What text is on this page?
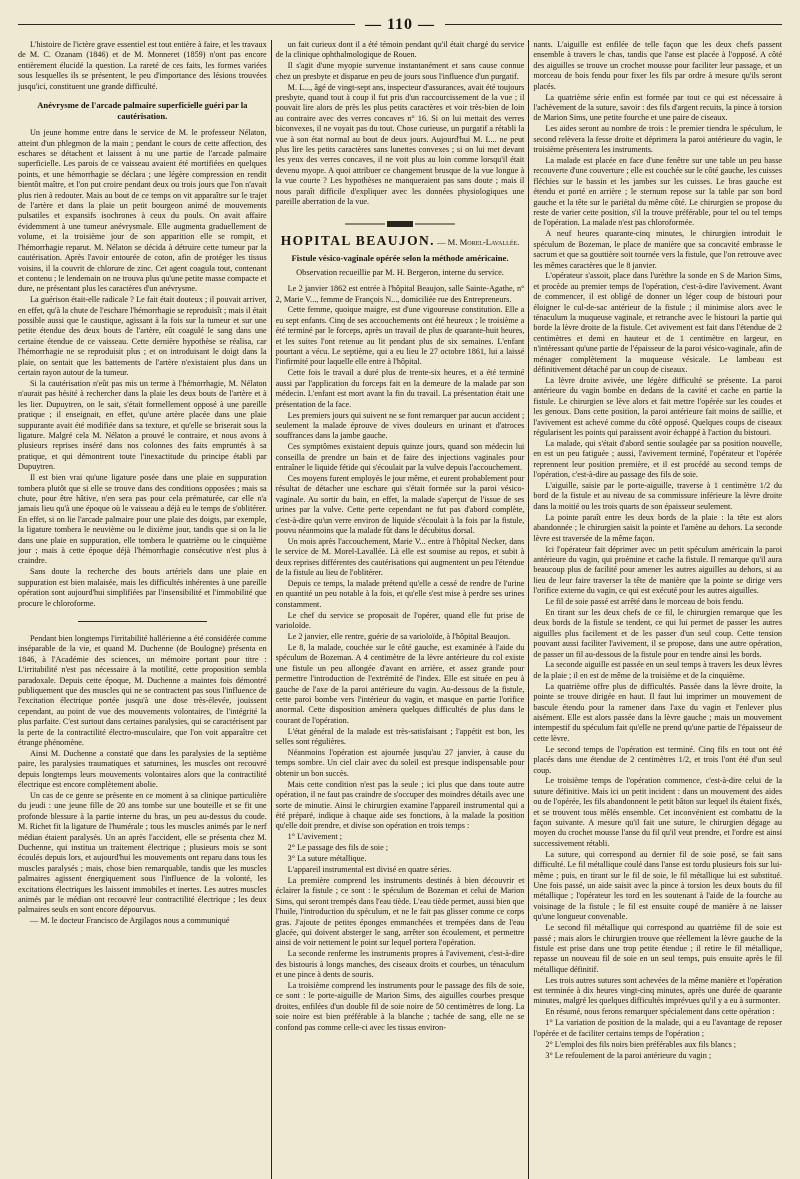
— 110 —

L'histoire de l'ictère grave essentiel est tout entière à faire, et les travaux de M. C. Ozanam (1846) et de M. Monneret (1859) n'ont pas encore entièrement élucidé la question. La rareté de ces faits, les formes variées sous lesquelles ils se présentent, le peu d'importance des lésions trouvées jusqu'ici, constituent une grande difficulté.

Anévrysme de l'arcade palmaire superficielle guéri par la cautérisation.

Un jeune homme entre dans le service de M. le professeur Nélaton, atteint d'un phlegmon de la main ; pendant le cours de cette affection, des eschares se détachent et laissent à nu une partie de l'arcade palmaire superficielle. Les parois de ce vaisseau avaient été mortifiées en quelques points, et une hémorrhagie se déclara ; une légère compression en rendit bientôt maître, et l'on put croire pendant deux ou trois jours que l'on n'avait plus rien à redouter. Mais au bout de ce temps on vit apparaître sur le trajet de l'artère et dans la plaie un petit bourgeon animé de mouvements pulsatiles et expansifs isochrones à ceux du pouls. On avait affaire évidemment à une tumeur anévrysmale. Elle augmenta graduellement de volume, et la troisième jour de son apparition elle se rompit, et l'hémorrhagie reparut. M. Nélaton se décida à détruire cette tumeur par la cautérisation. Après l'avoir entourée de coton, afin de protéger les tissus voisins, il la couvrit de chlorure de zinc. Cet agent coagula tout, contenant et contenu ; le lendemain on ne trouva plus qu'une petite masse compacte et dure, ne présentant plus les caractères d'un anévrysme.

La guérison était-elle radicale ? Le fait était douteux ; il pouvait arriver, en effet, qu'à la chute de l'eschare l'hémorrhagie se reproduisît ; mais il était possible aussi que le caustique, agissant à la fois sur la tumeur et sur une petite étendue des deux bouts de l'artère, eût coagulé le sang dans une certaine étendue de ce vaisseau. Cette dernière hypothèse se réalisa, car l'hémorrhagie ne se reproduisit plus ; et on introduisant le doigt dans la plaie, on sentait que les battements de l'artère n'existaient plus dans un certain rayon autour de la tumeur.

Si la cautérisation n'eût pas mis un terme à l'hémorrhagie, M. Nélaton n'aurait pas hésité à rechercher dans la plaie les deux bouts de l'artère et à les lier. Dupuytren, on le sait, s'était formellement opposé à une pareille pratique ; il enseignait, en effet, qu'une artère placée dans une plaie suppurante avait été modifiée dans sa texture, et qu'elle se briserait sous la ligature. Malgré cela M. Nélaton a prouvé le contraire, et nous avons à plusieurs reprises inséré dans nos colonnes des faits empruntés à sa pratique, et qui démontrent toute l'inexactitude du principe établi par Dupuytren.

Il est bien vrai qu'une ligature posée dans une plaie en suppuration tombera plutôt que si elle se trouve dans des conditions opposées ; mais sa chute, pour être hâtive, n'en sera pas pour cela prématurée, car elle n'a jamais lieu qu'à une époque où le vaisseau a déjà eu le temps de s'oblitérer. En effet, si on lie l'arcade palmaire pour une plaie des doigts, par exemple, la ligature tombera le neuvième ou le dixième jour, tandis que si on la lie dans une plaie en suppuration, elle tombera le quatrième ou le cinquième jour ; mais à cette époque déjà l'hémorrhagie consécutive n'est plus à craindre.

Sans doute la recherche des bouts artériels dans une plaie en suppuration est bien malaisée, mais les difficultés inhérentes à une pareille opération sont aujourd'hui simplifiées par l'insensibilité et l'immobilité que procure le chloroforme.

Pendant bien longtemps l'irritabilité hallérienne a été considérée comme inséparable de la vie, et quand M. Duchenne (de Boulogne) présenta en 1846, à l'Académie des sciences, un mémoire portant pour titre : L'irritabilité n'est pas nécessaire à la motilité, cette proposition sembla paradoxale. Depuis cette époque, M. Duchenne a maintes fois démontré publiquement que des muscles qui ne se contractent pas sous l'influence de l'excitation électrique portée jusqu'à une dose très-élevée, jouissent cependant, au point de vue des mouvements volontaires, de l'intégrité la plus parfaite. C'est surtout dans certaines paralysies, qui se caractérisent par la perte de la contractilité électro-musculaire, que l'on voit apparaître cet étrange phénomène.

Ainsi M. Duchenne a constaté que dans les paralysies de la septième paire, les paralysies traumatiques et saturnines, les muscles ont recouvré depuis longtemps leurs mouvements volontaires alors que la contractilité électrique est encore complètement abolie.

Un cas de ce genre se présente en ce moment à sa clinique particulière du jeudi : une jeune fille de 20 ans tombe sur une bouteille et se fit une profonde blessure à la partie interne du bras, un peu au-dessus du coude. M. Richet fit la ligature de l'humérale ; tous les muscles animés par le nerf médian étaient paralysés. Un an après l'accident, elle se présenta chez M. Duchenne, qui institua un traitement électrique ; plusieurs mois se sont écoulés depuis lors, et aujourd'hui les mouvements ont reparu dans tous les muscles paralysés ; mais, chose bien remarquable, tandis que les muscles palmaires agissent énergiquement sous l'influence de la volonté, les excitations électriques les laissent immobiles et inertes. Les autres muscles animés par le médian ont recouvré leur contractilité électrique ; les deux palmaires seuls en sont encore dépourvus.

— M. le docteur Francisco de Argilagos nous a communiqué

un fait curieux dont il a été témoin pendant qu'il était chargé du service de la clinique ophthalmologique de Rouen.

Il s'agit d'une myopie survenue instantanément et sans cause connue chez un presbyte et disparue en peu de jours sous l'influence d'un purgatif.

M. L..., âgé de vingt-sept ans, inspecteur d'assurances, avait été toujours presbyte, quand tout à coup il fut pris d'un raccourcissement de la vue ; il pouvait lire alors de près les plus petits caractères et voir très-bien de loin au contraire avec des verres concaves n° 16. Si on lui mettait des verres biconvexes, il ne voyait pas du tout. Chose curieuse, un purgatif a rétabli la vue à son état normal au bout de deux jours. Aujourd'hui M. L... ne peut plus lire les petits caractères sans lunettes convexes ; si on lui met devant les yeux des verres concaves, il ne voit plus au loin comme lorsqu'il était devenu myope. A quoi attribuer ce changement brusque de la vue longue à la vue courte ? Les hypothèses ne manqueraient pas sans doute ; mais il nous paraît difficile d'expliquer avec les données physiologiques une pareille aberration de la vue.

HOPITAL BEAUJON. — M. Morel-Lavallée.
Fistule vésico-vaginale opérée selon la méthode américaine.
Observation recueillie par M. H. Bergeron, interne du service.

Le 2 janvier 1862 est entrée à l'hôpital Beaujon, salle Sainte-Agathe, n° 2, Marie V..., femme de François N..., domiciliée rue des Entrepreneurs.

Cette femme, quoique maigre, est d'une vigoureuse constitution. Elle a eu sept enfants. Cinq de ses accouchements ont été heureux ; le troisième a été terminé par le forceps, après un travail de plus de quarante-huit heures, et les suites l'ont retenue au lit pendant plus de six semaines. L'enfant pourtant a vécu. Le septième, qui a eu lieu le 27 octobre 1861, lui a laissé l'infirmité pour laquelle elle entre à l'hôpital.

Cette fois le travail a duré plus de trente-six heures, et a été terminé aussi par l'application du forceps fait en la demeure de la malade par son médecin. L'enfant est mort avant la fin du travail. La présentation était une présentation de la face.

Les premiers jours qui suivent ne se font remarquer par aucun accident ; seulement la malade éprouve de vives douleurs en urinant et d'atroces souffrances dans la jambe gauche.

Ces symptômes existaient depuis quinze jours, quand son médecin lui conseilla de prendre un bain et de faire des injections vaginales pour entraîner le liquide fétide qui s'écoulait par la vulve depuis l'accouchement.

Ces moyens furent employés le jour même, et eurent probablement pour résultat de détacher une eschare qui s'était formée sur la paroi vésico-vaginale. Au sortir du bain, en effet, la malade s'aperçut de l'issue de ses urines par la vulve. Cette perte cependant ne fut pas d'abord complète, c'est-à-dire qu'un verre environ de liquide s'écoulait à la fois par la fistule, pouvu néanmoins que la malade fût dans le décubitus dorsal.

Un mois après l'accouchement, Marie V... entre à l'hôpital Necker, dans le service de M. Morel-Lavallée. Là elle est soumise au repos, et subit à deux reprises différentes des cautérisations qui augmentent un peu l'étendue de la fistule au lieu de l'oblitérer.

Depuis ce temps, la malade prétend qu'elle a cessé de rendre de l'urine en quantité un peu notable à la fois, et qu'elle s'est mise à perdre ses urines constamment.

Le chef du service se proposait de l'opérer, quand elle fut prise de varioloïde.

Le 2 janvier, elle rentre, guérie de sa varioloïde, à l'hôpital Beaujon.

Le 8, la malade, couchée sur le côté gauche, est examinée à l'aide du spéculum de Bozeman. A 4 centimètre de la lèvre antérieure du col existe une fistule un peu allongée d'avant en arrière, et assez grande pour permettre l'introduction de l'extrémité de l'index. Elle est située en peu à gauche de l'axe de la paroi antérieure du vagin. Au-dessous de la fistule, cette paroi bombe vers l'intérieur du vagin, et masque en partie l'orifice anormal. Cette disposition amènera quelques difficultés de plus dans le courant de l'opération.

L'état général de la malade est très-satisfaisant ; l'appétit est bon, les selles sont régulières.

Néanmoins l'opération est ajournée jusqu'au 27 janvier, à cause du temps sombre. Un ciel clair avec du soleil est presque indispensable pour obtenir un bon succès.

Mais cette condition n'est pas la seule ; ici plus que dans toute autre opération, il ne faut pas craindre de s'occuper des moindres détails avec une sorte de minutie. Ainsi le chirurgien examine l'appareil instrumental qui a été préparé, indique à chaque aide ses fonctions, à la malade la position qu'elle doit prendre, et divise son opération en trois temps :

1° L'avivement ;

2° Le passage des fils de soie ;

3° La suture métallique.

L'appareil instrumental est divisé en quatre séries.

La première comprend les instruments destinés à bien découvrir et éclairer la fistule ; ce sont : le spéculum de Bozeman et celui de Marion Sims, qui seront trempés dans l'eau tiède. L'eau tiède permet, aussi bien que l'huile, l'introduction du spéculum, et ne le fait pas glisser comme ce corps gras. J'ajoute de petites éponges emmanchées et trempées dans de l'eau glacée, qui doivent absterger le sang, arrêter son écoulement, et permettre ainsi de voir nettement le point sur lequel portera l'opération.

La seconde renferme les instruments propres à l'avivement, c'est-à-dire des bistouris à longs manches, des ciseaux droits et courbes, un ténaculum et une pince à dents de souris.

La troisième comprend les instruments pour le passage des fils de soie, ce sont : le porte-aiguille de Marion Sims, des aiguilles courbes presque droites, enfilées d'un double fil de soie noire de 50 centimètres de long. La soie noire est bien préférable à la blanche ; tachée de sang, elle ne se confond pas comme celle-ci avec les tissus environ-

nants. L'aiguille est enfilée de telle façon que les deux chefs passent ensemble à travers le chas, tandis que l'anse est placée à l'opposé. A côté des aiguilles se trouve un crochet mousse pour faciliter leur passage, et un morceau de bois fendu pour fixer les fils par ordre à mesure qu'ils seront placés.

La quatrième série enfin est formée par tout ce qui est nécessaire à l'achèvement de la suture, savoir : des fils d'argent recuits, la pince à torsion de Marion Sims, une petite fourche et une paire de ciseaux.

Les aides seront au nombre de trois : le premier tiendra le spéculum, le second relèvera la fesse droite et déprimera la paroi antérieure du vagin, le troisième présentera les instruments.

La malade est placée en face d'une fenêtre sur une table un peu basse recouverte d'une couverture ; elle est couchée sur le côté gauche, les cuisses fléchies sur le bassin et les jambes sur les cuisses. Le bras gauche est étendu et porté en arrière ; le sternum repose sur la table par son bord gauche et la tête sur le pariétal du même côté. Le chirurgien se propose du reste de varier cette position, s'il la trouve préférable, pour tel ou tel temps de l'opération. La malade n'est pas chloroformée.

A neuf heures quarante-cinq minutes, le chirurgien introduit le spéculum de Bozeman, le place de manière que sa concavité embrasse le sacrum et que sa gouttière soit tournée vers la fistule, que l'on retrouve avec les mêmes caractères que le 8 janvier.

L'opérateur s'assoit, place dans l'urèthre la sonde en S de Marion Sims, et procède au premier temps de l'opération, c'est-à-dire l'avivement. Avant de commencer, il est obligé de donner un léger coup de bistouri pour éloigner le cul-de-sac antérieur de la fistule ; il minimise alors avec le ténaculum la muqueuse vaginale, et retranche avec le bistouri la partie qui borde la lèvre droite de la fistule. Cet avivement est fait dans l'étendue de 2 centimètres et demi en hauteur et de 1 centimètre en largeur, en n'intéressant qu'une partie de l'épaisseur de la paroi vésico-vaginale, afin de ménager complètement la muqueuse vésicale. Le lambeau est définitivement détaché par un coup de ciseaux.

La lèvre droite avivée, une légère difficulté se présente. La paroi antérieure du vagin bombe en dedans de la cavité et cache en partie la fistule. Le chirurgien se lève alors et fait mettre l'opérée sur les coudes et les genoux. Dans cette position, la paroi antérieure fait moins de saillie, et l'avivement est achevé comme du côté opposé. Quelques coups de ciseaux régularisent les points qui paraissent avoir échappé à l'action du bistouri.

La malade, qui s'était d'abord sentie soulagée par sa position nouvelle, en est un peu fatiguée ; aussi, l'avivement terminé, l'opérateur et l'opérée reprennent leur position première, et il est procédé au second temps de l'opération, c'est-à-dire au passage des fils de soie.

L'aiguille, saisie par le porte-aiguille, traverse à 1 centimètre 1/2 du bord de la fistule et au niveau de sa commissure inférieure la lèvre droite dans la moitié ou les trois quarts de son épaisseur seulement.

La pointe paraît entre les deux bords de la plaie : la tête est alors abandonnée ; le chirurgien saisit la pointe et l'amène au dehors. La seconde lèvre est traversée de la même façon.

Ici l'opérateur fait déprimer avec un petit spéculum américain la paroi antérieure du vagin, qui proémine et cache la fistule. Il remarque qu'il aura beaucoup plus de facilité pour amener les autres aiguilles au dehors, si au lieu de leur faire traverser la tête de manière que la pointe se dirige vers l'orifice externe du vagin, ce qui est exécuté pour les autres aiguilles.

Le fil de soie passé est arrêté dans le morceau de bois fendu.

En tirant sur les deux chefs de ce fil, le chirurgien remarque que les deux bords de la fistule se tendent, ce qui lui permet de passer les autres aiguilles plus facilement et de les passer d'un seul coup. Cette tension pouvant aussi faciliter l'avivement, il se propose, dans une autre opération, de passer un fil au-dessous de la fistule pour en tendre ainsi les bords.

La seconde aiguille est passée en un seul temps à travers les deux lèvres de la plaie ; il en est de même de la troisième et de la cinquième.

La quatrième offre plus de difficultés. Passée dans la lèvre droite, la pointe se trouve dirigée en haut. Il faut lui imprimer un mouvement de bascule étendu pour la ramener dans l'axe du vagin et l'enlever plus aisément. Elle est alors passée dans la lèvre gauche ; mais un mouvement intempestif du spéculum fait qu'elle ne prend qu'une partie de l'épaisseur de cette lèvre.

Le second temps de l'opération est terminé. Cinq fils en tout ont été placés dans une étendue de 2 centimètres 1/2, et trois l'ont été d'un seul coup.

Le troisième temps de l'opération commence, c'est-à-dire celui de la suture définitive. Mais ici un petit incident : dans un mouvement des aides ou de l'opérée, les fils abandonnent le petit bâton sur lequel ils étaient fixés, et se trouvent tous mêlés ensemble. Cet inconvénient est combattu de la façon suivante. A mesure qu'il fait une suture, le chirurgien dégage au moyen du crochet mousse l'anse du fil qu'il veut prendre, et l'ordre est ainsi successivement rétabli.

La suture, qui correspond au dernier fil de soie posé, se fait sans difficulté. Le fil métallique coulé dans l'anse est tordu plusieurs fois sur lui-même ; puis, en tirant sur le fil de soie, le fil métallique lui est substitué. Une fois passé, un aide saisit avec la pince à torsion les deux bouts du fil métallique ; l'opérateur les tord en les soutenant à l'aide de la fourche au voisinage de la fistule ; le fil est ensuite coupé de manière à ne laisser qu'une longueur convenable.

Le second fil métallique qui correspond au quatrième fil de soie est passé ; mais alors le chirurgien trouve que réellement la lèvre gauche de la fistule est prise dans une trop petite étendue ; il retire le fil métallique, repasse un nouveau fil de soie en un seul temps, puis ensuite après le fil métallique définitif.

Les trois autres sutures sont achevées de la même manière et l'opération est terminée à dix heures vingt-cinq minutes, après une durée de quarante minutes, malgré les quelques difficultés imprévues qu'il y a eu à surmonter.

En résumé, nous ferons remarquer spécialement dans cette opération :

1° La variation de position de la malade, qui a eu l'avantage de reposer l'opérée et de faciliter certains temps de l'opération ;

2° L'emploi des fils noirs bien préférables aux fils blancs ;

3° Le refoulement de la paroi antérieure du vagin ;
